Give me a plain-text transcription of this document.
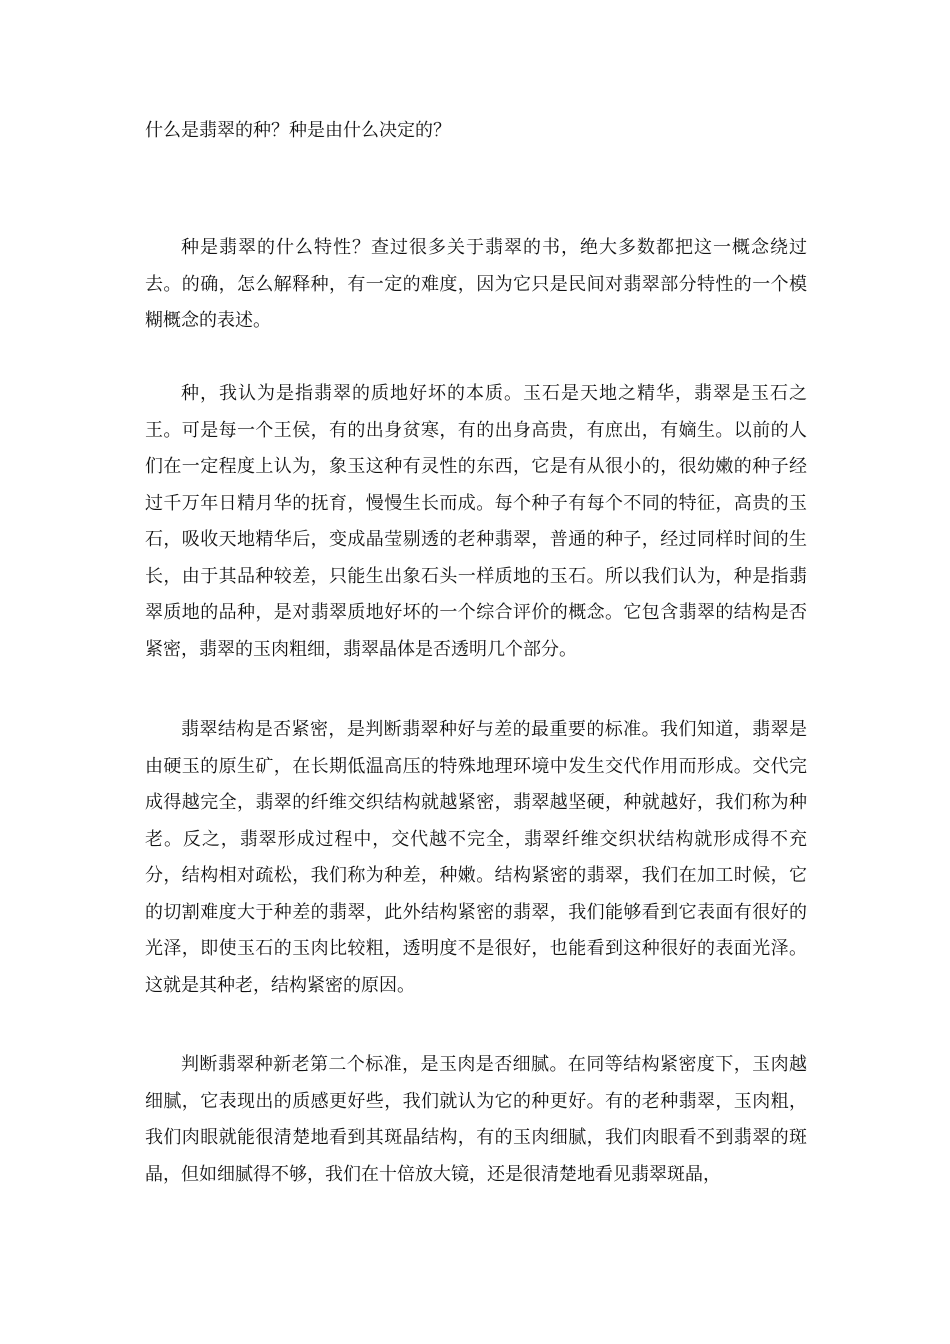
什么是翡翠的种？种是由什么决定的？

种是翡翠的什么特性？查过很多关于翡翠的书，绝大多数都把这一概念绕过去。的确，怎么解释种，有一定的难度，因为它只是民间对翡翠部分特性的一个模糊概念的表述。

种，我认为是指翡翠的质地好坏的本质。玉石是天地之精华，翡翠是玉石之王。可是每一个王侯，有的出身贫寒，有的出身高贵，有庶出，有嫡生。以前的人们在一定程度上认为，象玉这种有灵性的东西，它是有从很小的，很幼嫩的种子经过千万年日精月华的抚育，慢慢生长而成。每个种子有每个不同的特征，高贵的玉石，吸收天地精华后，变成晶莹剔透的老种翡翠，普通的种子，经过同样时间的生长，由于其品种较差，只能生出象石头一样质地的玉石。所以我们认为，种是指翡翠质地的品种，是对翡翠质地好坏的一个综合评价的概念。它包含翡翠的结构是否紧密，翡翠的玉肉粗细，翡翠晶体是否透明几个部分。

翡翠结构是否紧密，是判断翡翠种好与差的最重要的标准。我们知道，翡翠是由硬玉的原生矿，在长期低温高压的特殊地理环境中发生交代作用而形成。交代完成得越完全，翡翠的纤维交织结构就越紧密，翡翠越坚硬，种就越好，我们称为种老。反之，翡翠形成过程中，交代越不完全，翡翠纤维交织状结构就形成得不充分，结构相对疏松，我们称为种差，种嫩。结构紧密的翡翠，我们在加工时候，它的切割难度大于种差的翡翠，此外结构紧密的翡翠，我们能够看到它表面有很好的光泽，即使玉石的玉肉比较粗，透明度不是很好，也能看到这种很好的表面光泽。这就是其种老，结构紧密的原因。

判断翡翠种新老第二个标准，是玉肉是否细腻。在同等结构紧密度下，玉肉越细腻，它表现出的质感更好些，我们就认为它的种更好。有的老种翡翠，玉肉粗，我们肉眼就能很清楚地看到其斑晶结构，有的玉肉细腻，我们肉眼看不到翡翠的斑晶，但如细腻得不够，我们在十倍放大镜，还是很清楚地看见翡翠斑晶，
